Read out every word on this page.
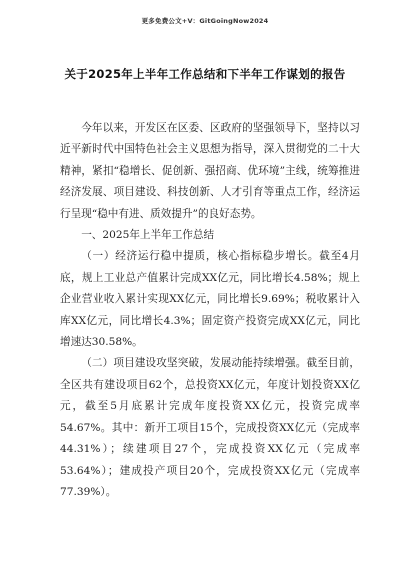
更多免费公文+V：GitGoingNow2024
关于2025年上半年工作总结和下半年工作谋划的报告

今年以来，开发区在区委、区政府的坚强领导下，坚持以习近平新时代中国特色社会主义思想为指导，深入贯彻党的二十大精神，紧扣“稳增长、促创新、强招商、优环境”主线，统筹推进经济发展、项目建设、科技创新、人才引育等重点工作，经济运行呈现“稳中有进、质效提升”的良好态势。

一、2025年上半年工作总结

（一）经济运行稳中提质，核心指标稳步增长。截至4月底，规上工业总产值累计完成XX亿元，同比增长4.58%；规上企业营业收入累计实现XX亿元，同比增长9.69%；税收累计入库XX亿元，同比增长4.3%；固定资产投资完成XX亿元，同比增速达30.58%。

（二）项目建设攻坚突破，发展动能持续增强。截至目前，全区共有建设项目62个，总投资XX亿元，年度计划投资XX亿元，截至5月底累计完成年度投资XX亿元，投资完成率54.67%。其中：新开工项目15个，完成投资XX亿元（完成率44.31%）；续建项目27个，完成投资XX亿元（完成率53.64%）；建成投产项目20个，完成投资XX亿元（完成率77.39%）。
